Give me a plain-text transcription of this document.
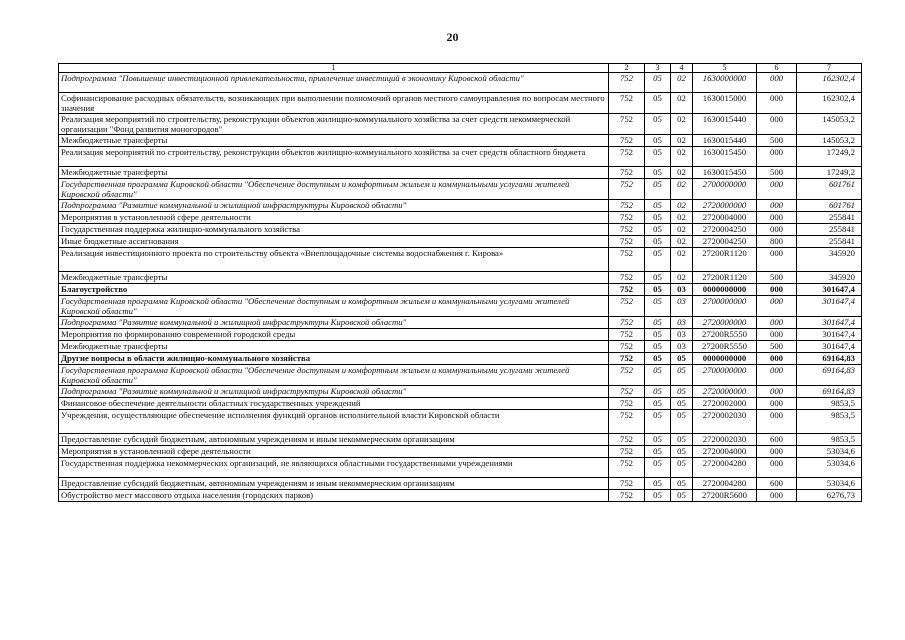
20
1	2	3	4	5	6	7
Подпрограмма "Повышение инвестиционной привлекательности, привлечение инвестиций в экономику Кировской области"	752	05	02	1630000000	000	162302,4
Софинансирование расходных обязательств, возникающих при выполнении полномочий органов местного самоуправления по вопросам местного значения	752	05	02	1630015000	000	162302,4
Реализация мероприятий по строительству, реконструкции объектов жилищно-коммунального хозяйства за счет средств некоммерческой организации "Фонд развития моногородов"	752	05	02	1630015440	000	145053,2
Межбюджетные трансферты	752	05	02	1630015440	500	145053,2
Реализация мероприятий по строительству, реконструкции объектов жилищно-коммунального хозяйства за счет средств областного бюджета	752	05	02	1630015450	000	17249,2
Межбюджетные трансферты	752	05	02	1630015450	500	17249,2
Государственная программа Кировской области "Обеспечение доступным и комфортным жильем и коммунальными услугами жителей Кировской области"	752	05	02	2700000000	000	601761
Подпрограмма "Развитие коммунальной и жилищной инфраструктуры Кировской области"	752	05	02	2720000000	000	601761
Мероприятия в установленной сфере деятельности	752	05	02	2720004000	000	255841
Государственная поддержка жилищно-коммунального хозяйства	752	05	02	2720004250	000	255841
Иные бюджетные ассигнования	752	05	02	2720004250	800	255841
Реализация инвестиционного проекта по строительству объекта «Внеплощадочные системы водоснабжения г. Кирова»	752	05	02	27200R1120	000	345920
Межбюджетные трансферты	752	05	02	27200R1120	500	345920
Благоустройство	752	05	03	0000000000	000	301647,4
Государственная программа Кировской области "Обеспечение доступным и комфортным жильем и коммунальными услугами жителей Кировской области"	752	05	03	2700000000	000	301647,4
Подпрограмма "Развитие коммунальной и жилищной инфраструктуры Кировской области"	752	05	03	2720000000	000	301647,4
Мероприятия по формированию современной городской среды	752	05	03	27200R5550	000	301647,4
Межбюджетные трансферты	752	05	03	27200R5550	500	301647,4
Другие вопросы в области жилищно-коммунального хозяйства	752	05	05	0000000000	000	69164,83
Государственная программа Кировской области "Обеспечение доступным и комфортным жильем и коммунальными услугами жителей Кировской области"	752	05	05	2700000000	000	69164,83
Подпрограмма "Развитие коммунальной и жилищной инфраструктуры Кировской области"	752	05	05	2720000000	000	69164,83
Финансовое обеспечение деятельности областных государственных учреждений	752	05	05	2720002000	000	9853,5
Учреждения, осуществляющие обеспечение исполнения функций органов исполнительной власти Кировской области	752	05	05	2720002030	000	9853,5
Предоставление субсидий бюджетным, автономным учреждениям и иным некоммерческим организациям	752	05	05	2720002030	600	9853,5
Мероприятия в установленной сфере деятельности	752	05	05	2720004000	000	53034,6
Государственная поддержка некоммерческих организаций, не являющихся областными государственными учреждениями	752	05	05	2720004280	000	53034,6
Предоставление субсидий бюджетным, автономным учреждениям и иным некоммерческим организациям	752	05	05	2720004280	600	53034,6
Обустройство мест массового отдыха населения (городских парков)	752	05	05	27200R5600	000	6276,73
